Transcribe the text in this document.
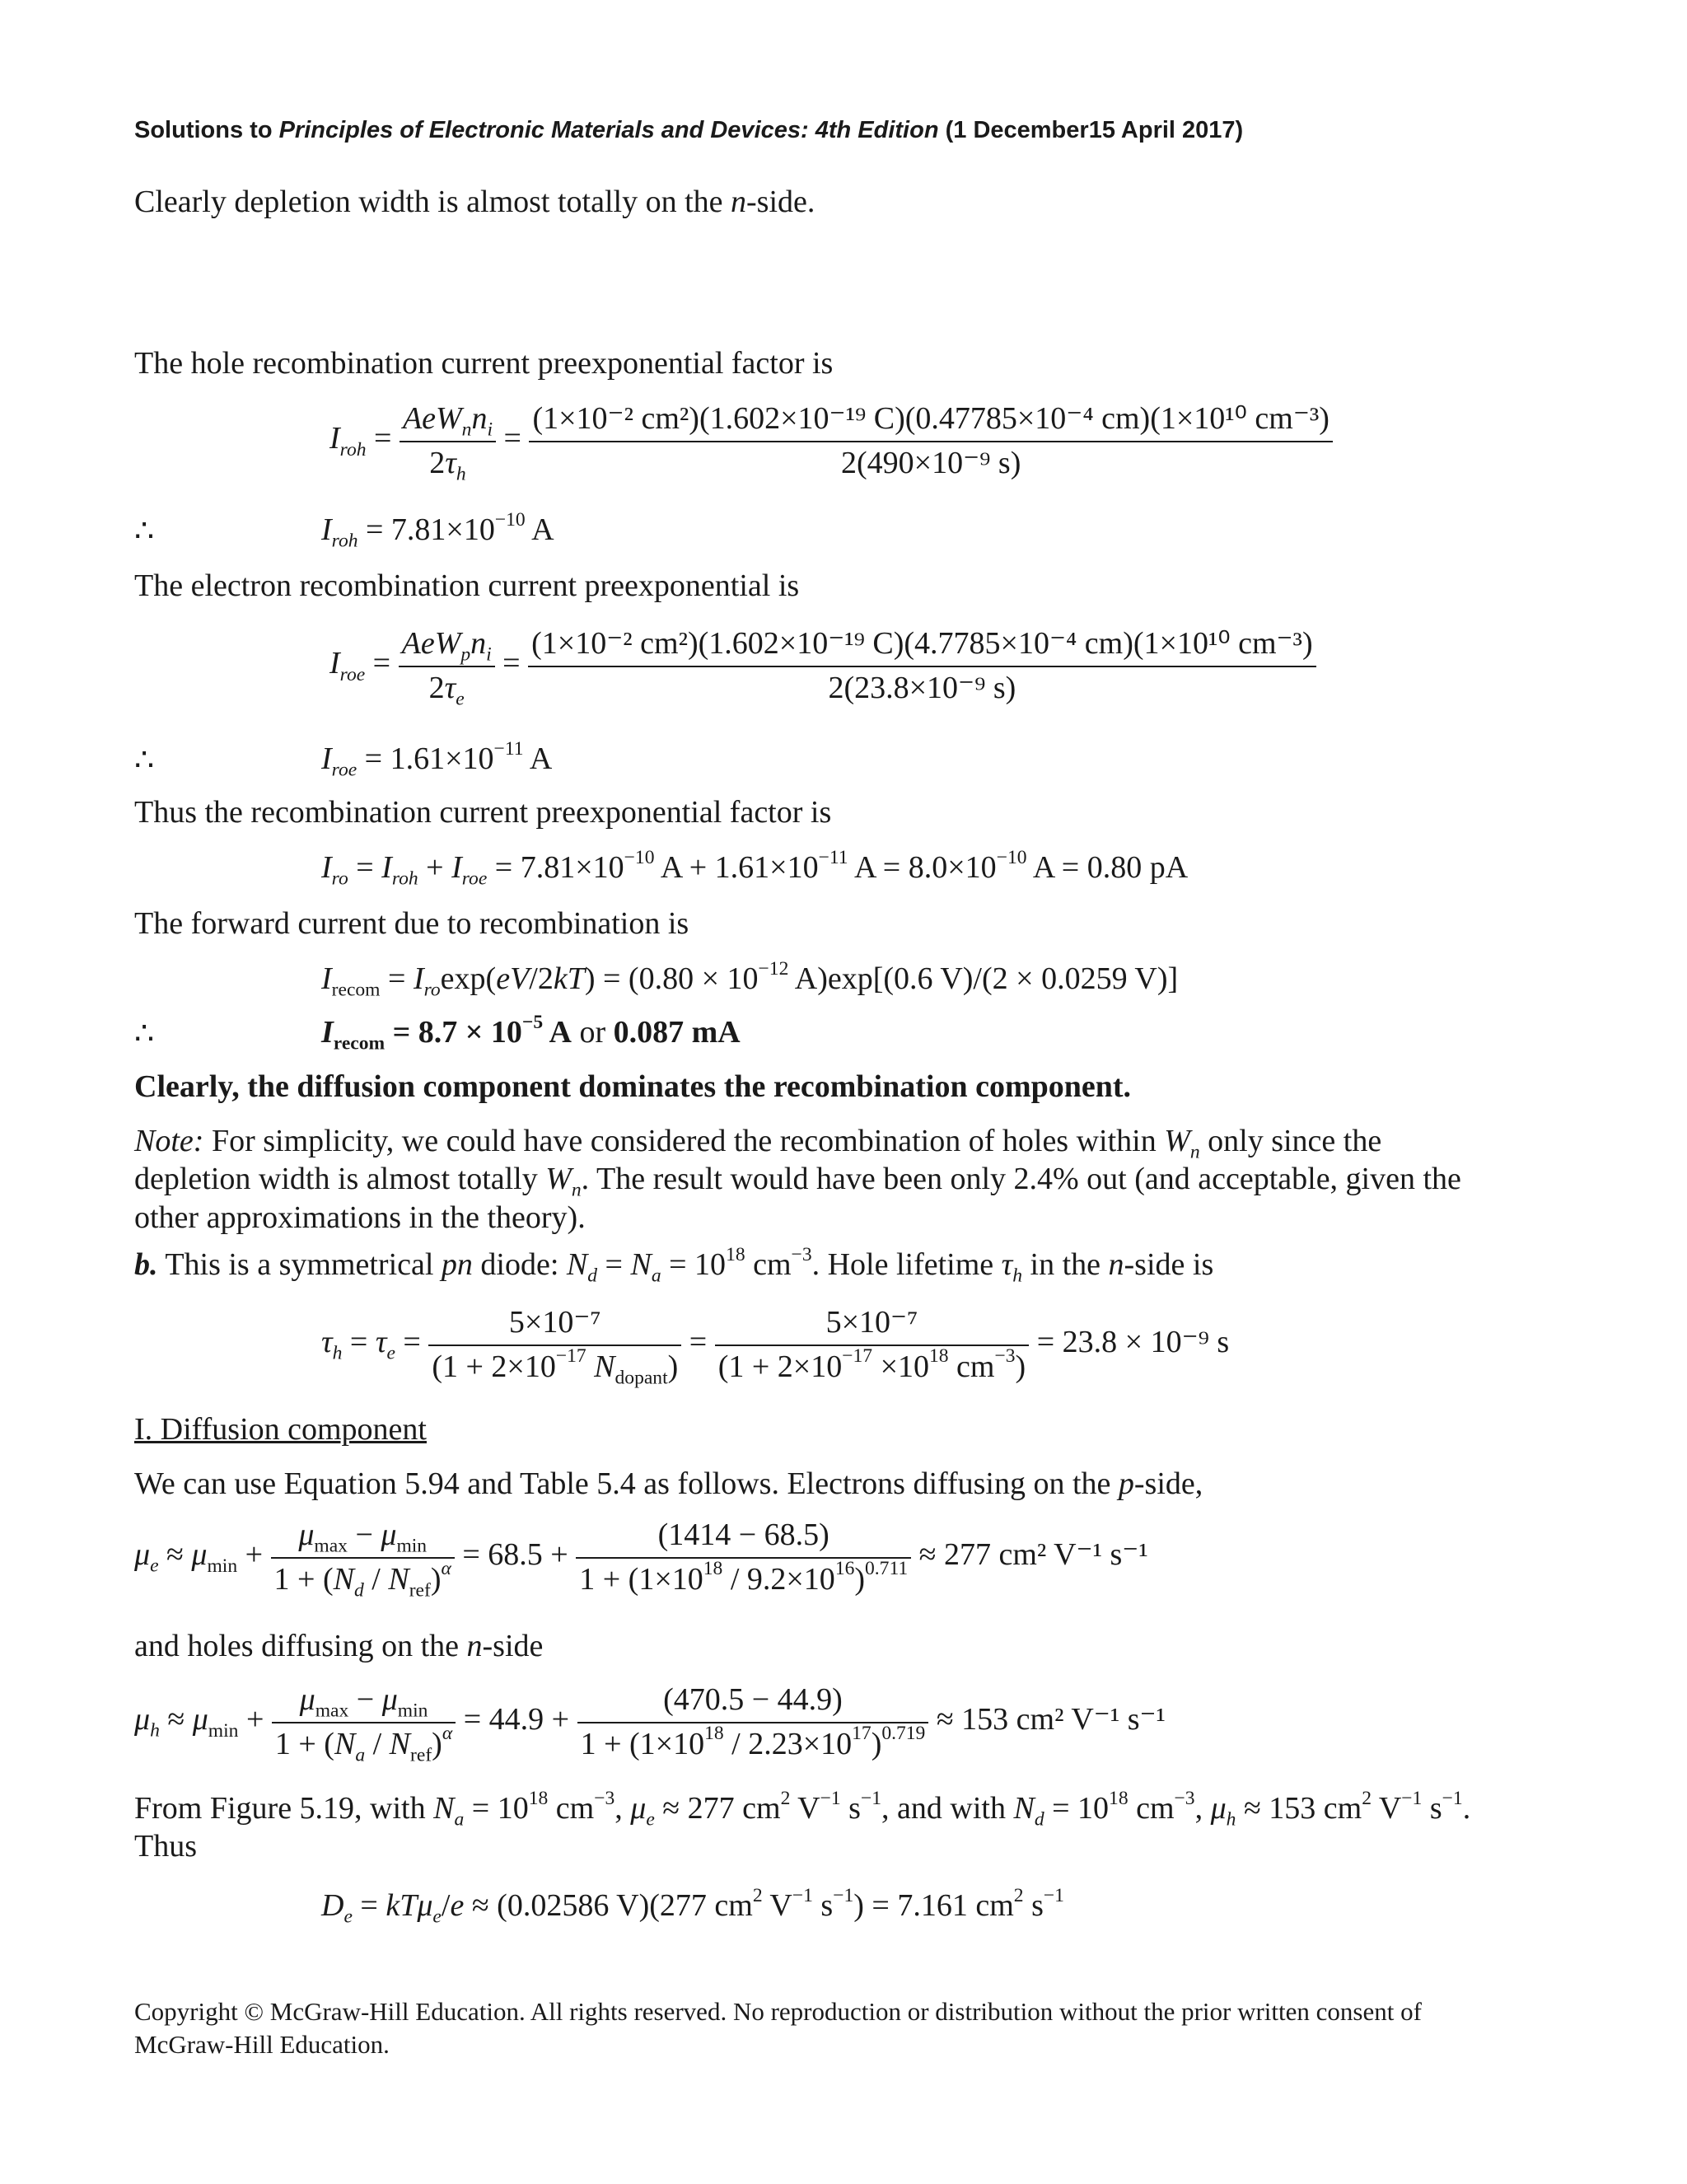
Solutions to Principles of Electronic Materials and Devices: 4th Edition (1 December15 April 2017)
Clearly depletion width is almost totally on the n-side.
The hole recombination current preexponential factor is
$I_{roh} = \frac{AeW_nn_i}{2\tau_h} = \frac{\text{(1×10⁻² cm²)(1.602×10⁻¹⁹ C)(0.47785×10⁻⁴ cm)(1×10¹⁰ cm⁻³)}}{\text{2(490×10⁻⁹ s)}}$
∴	$I_{roh} = 7.81\times 10^{-10}$ A
The electron recombination current preexponential is
$I_{roe} = \frac{AeW_pn_i}{2\tau_e} = \frac{\text{(1×10⁻² cm²)(1.602×10⁻¹⁹ C)(4.7785×10⁻⁴ cm)(1×10¹⁰ cm⁻³)}}{\text{2(23.8×10⁻⁹ s)}}$
∴	$I_{roe} = 1.61\times 10^{-11}$ A
Thus the recombination current preexponential factor is
$I_{ro} = I_{roh} + I_{roe} = 7.81\times 10^{-10}$ $A + 1.61\times 10^{-11}$ $A = 8.0\times 10^{-10}$ A = 0.80 pA
The forward current due to recombination is
$I_{recom} = I_{ro}\exp(eV/2kT) = (0.80 \times 10^{-12}$ A)exp[(0.6 V)/(2 × 0.0259 V)]
∴	$I_{recom} = 8.7 \times 10^{-5}$ A or 0.087 mA
Clearly, the diffusion component dominates the recombination component.
Note: For simplicity, we could have considered the recombination of holes within $W_n$ only since the depletion width is almost totally $W_n$. The result would have been only 2.4% out (and acceptable, given the other approximations in the theory).
b. This is a symmetrical pn diode: $N_d = N_a = 10^{18}$ $cm^{-3}$. Hole lifetime $\tau_h$ in the n-side is
$\tau_h = \tau_e = \frac{\text{5×10⁻⁷}}{(1 + 2\times 10^{-17} N_{dopant})} = \frac{\text{5×10⁻⁷}}{(1 + 2\times 10^{-17} \times 10^{18} cm^{-3})} = 23.8 \times 10^{-9}$ s
I. Diffusion component
We can use Equation 5.94 and Table 5.4 as follows. Electrons diffusing on the p-side,
$\mu_e \approx \mu_{min} + \frac{\mu_{max} - \mu_{min}}{1 + (N_d / N_{ref})^\alpha} = 68.5 + \frac{(1414 - 68.5)}{1 + (1\times 10^{18} / 9.2\times 10^{16})^{0.711}} \approx 277$ cm² V⁻¹ s⁻¹
and holes diffusing on the n-side
$\mu_h \approx \mu_{min} + \frac{\mu_{max} - \mu_{min}}{1 + (N_a / N_{ref})^\alpha} = 44.9 + \frac{(470.5 - 44.9)}{1 + (1\times 10^{18} / 2.23\times 10^{17})^{0.719}} \approx 153$ cm² V⁻¹ s⁻¹
From Figure 5.19, with $N_a = 10^{18}$ $cm^{-3}$, $\mu_e \approx 277$ $cm^2$ $V^{-1}$ $s^{-1}$, and with $N_d = 10^{18}$ $cm^{-3}$, $\mu_h \approx 153$ $cm^2$ $V^{-1}$ $s^{-1}$. Thus
$D_e = kT\mu_e/e \approx (0.02586$ V)(277 $cm^2$ $V^{-1}$ $s^{-1}) = 7.161$ $cm^2$ $s^{-1}$
Copyright © McGraw-Hill Education. All rights reserved. No reproduction or distribution without the prior written consent of McGraw-Hill Education.
